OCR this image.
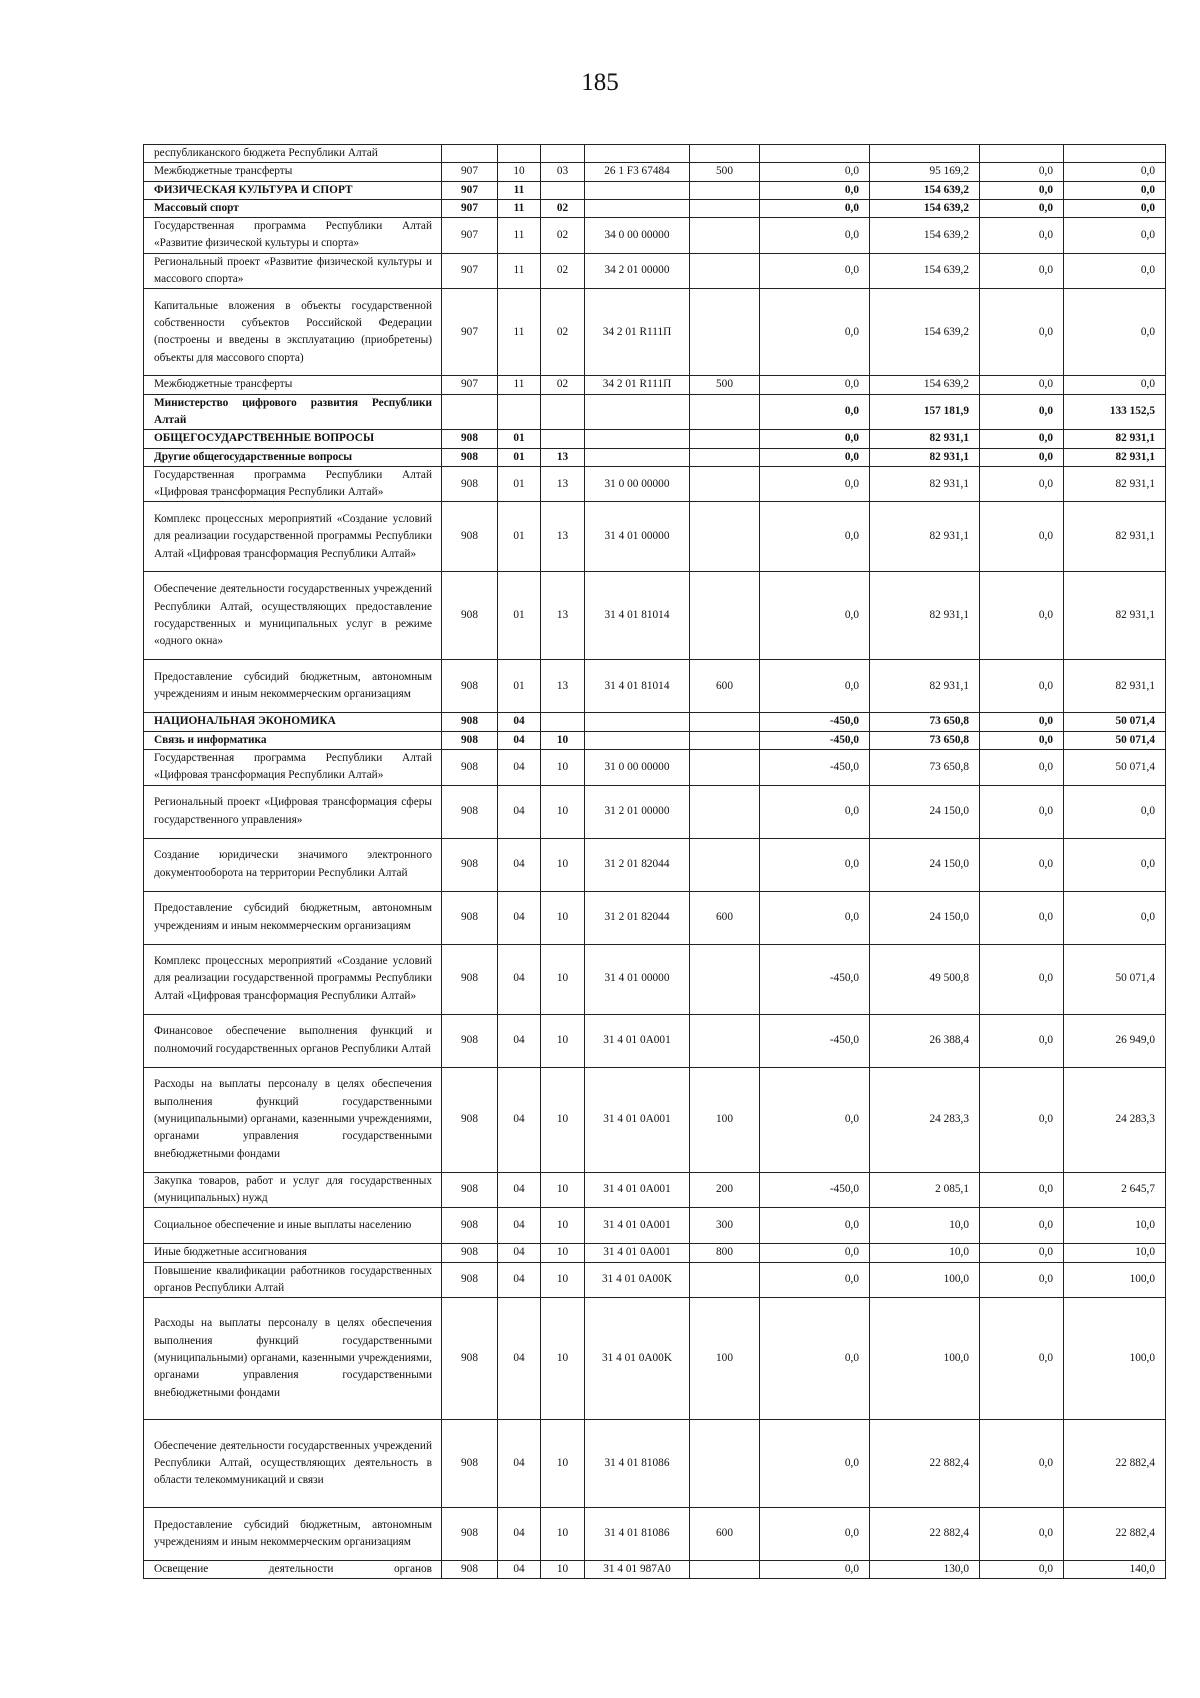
185
республиканского бюджета Республики Алтай									
Межбюджетные трансферты	907	10	03	26 1 F3 67484	500	0,0	95 169,2	0,0	0,0
ФИЗИЧЕСКАЯ КУЛЬТУРА И СПОРТ	907	11				0,0	154 639,2	0,0	0,0
Массовый спорт	907	11	02			0,0	154 639,2	0,0	0,0
Государственная программа Республики Алтай «Развитие физической культуры и спорта»	907	11	02	34 0 00 00000		0,0	154 639,2	0,0	0,0
Региональный проект «Развитие физической культуры и массового спорта»	907	11	02	34 2 01 00000		0,0	154 639,2	0,0	0,0
Капитальные вложения в объекты государственной собственности субъектов Российской Федерации (построены и введены в эксплуатацию (приобретены) объекты для массового спорта)	907	11	02	34 2 01 R111П		0,0	154 639,2	0,0	0,0
Межбюджетные трансферты	907	11	02	34 2 01 R111П	500	0,0	154 639,2	0,0	0,0
Министерство цифрового развития Республики Алтай						0,0	157 181,9	0,0	133 152,5
ОБЩЕГОСУДАРСТВЕННЫЕ ВОПРОСЫ	908	01				0,0	82 931,1	0,0	82 931,1
Другие общегосударственные вопросы	908	01	13			0,0	82 931,1	0,0	82 931,1
Государственная программа Республики Алтай «Цифровая трансформация Республики Алтай»	908	01	13	31 0 00 00000		0,0	82 931,1	0,0	82 931,1
Комплекс процессных мероприятий «Создание условий для реализации государственной программы Республики Алтай «Цифровая трансформация Республики Алтай»	908	01	13	31 4 01 00000		0,0	82 931,1	0,0	82 931,1
Обеспечение деятельности государственных учреждений Республики Алтай, осуществляющих предоставление государственных и муниципальных услуг в режиме «одного окна»	908	01	13	31 4 01 81014		0,0	82 931,1	0,0	82 931,1
Предоставление субсидий бюджетным, автономным учреждениям и иным некоммерческим организациям	908	01	13	31 4 01 81014	600	0,0	82 931,1	0,0	82 931,1
НАЦИОНАЛЬНАЯ ЭКОНОМИКА	908	04				-450,0	73 650,8	0,0	50 071,4
Связь и информатика	908	04	10			-450,0	73 650,8	0,0	50 071,4
Государственная программа Республики Алтай «Цифровая трансформация Республики Алтай»	908	04	10	31 0 00 00000		-450,0	73 650,8	0,0	50 071,4
Региональный проект «Цифровая трансформация сферы государственного управления»	908	04	10	31 2 01 00000		0,0	24 150,0	0,0	0,0
Создание юридически значимого электронного документооборота на территории Республики Алтай	908	04	10	31 2 01 82044		0,0	24 150,0	0,0	0,0
Предоставление субсидий бюджетным, автономным учреждениям и иным некоммерческим организациям	908	04	10	31 2 01 82044	600	0,0	24 150,0	0,0	0,0
Комплекс процессных мероприятий «Создание условий для реализации государственной программы Республики Алтай «Цифровая трансформация Республики Алтай»	908	04	10	31 4 01 00000		-450,0	49 500,8	0,0	50 071,4
Финансовое обеспечение выполнения функций и полномочий государственных органов Республики Алтай	908	04	10	31 4 01 0A001		-450,0	26 388,4	0,0	26 949,0
Расходы на выплаты персоналу в целях обеспечения выполнения функций государственными (муниципальными) органами, казенными учреждениями, органами управления государственными внебюджетными фондами	908	04	10	31 4 01 0A001	100	0,0	24 283,3	0,0	24 283,3
Закупка товаров, работ и услуг для государственных (муниципальных) нужд	908	04	10	31 4 01 0A001	200	-450,0	2 085,1	0,0	2 645,7
Социальное обеспечение и иные выплаты населению	908	04	10	31 4 01 0A001	300	0,0	10,0	0,0	10,0
Иные бюджетные ассигнования	908	04	10	31 4 01 0A001	800	0,0	10,0	0,0	10,0
Повышение квалификации работников государственных органов Республики Алтай	908	04	10	31 4 01 0A00K		0,0	100,0	0,0	100,0
Расходы на выплаты персоналу в целях обеспечения выполнения функций государственными (муниципальными) органами, казенными учреждениями, органами управления государственными внебюджетными фондами	908	04	10	31 4 01 0A00K	100	0,0	100,0	0,0	100,0
Обеспечение деятельности государственных учреждений Республики Алтай, осуществляющих деятельность в области телекоммуникаций и связи	908	04	10	31 4 01 81086		0,0	22 882,4	0,0	22 882,4
Предоставление субсидий бюджетным, автономным учреждениям и иным некоммерческим организациям	908	04	10	31 4 01 81086	600	0,0	22 882,4	0,0	22 882,4
Освещение деятельности органов	908	04	10	31 4 01 987A0		0,0	130,0	0,0	140,0
